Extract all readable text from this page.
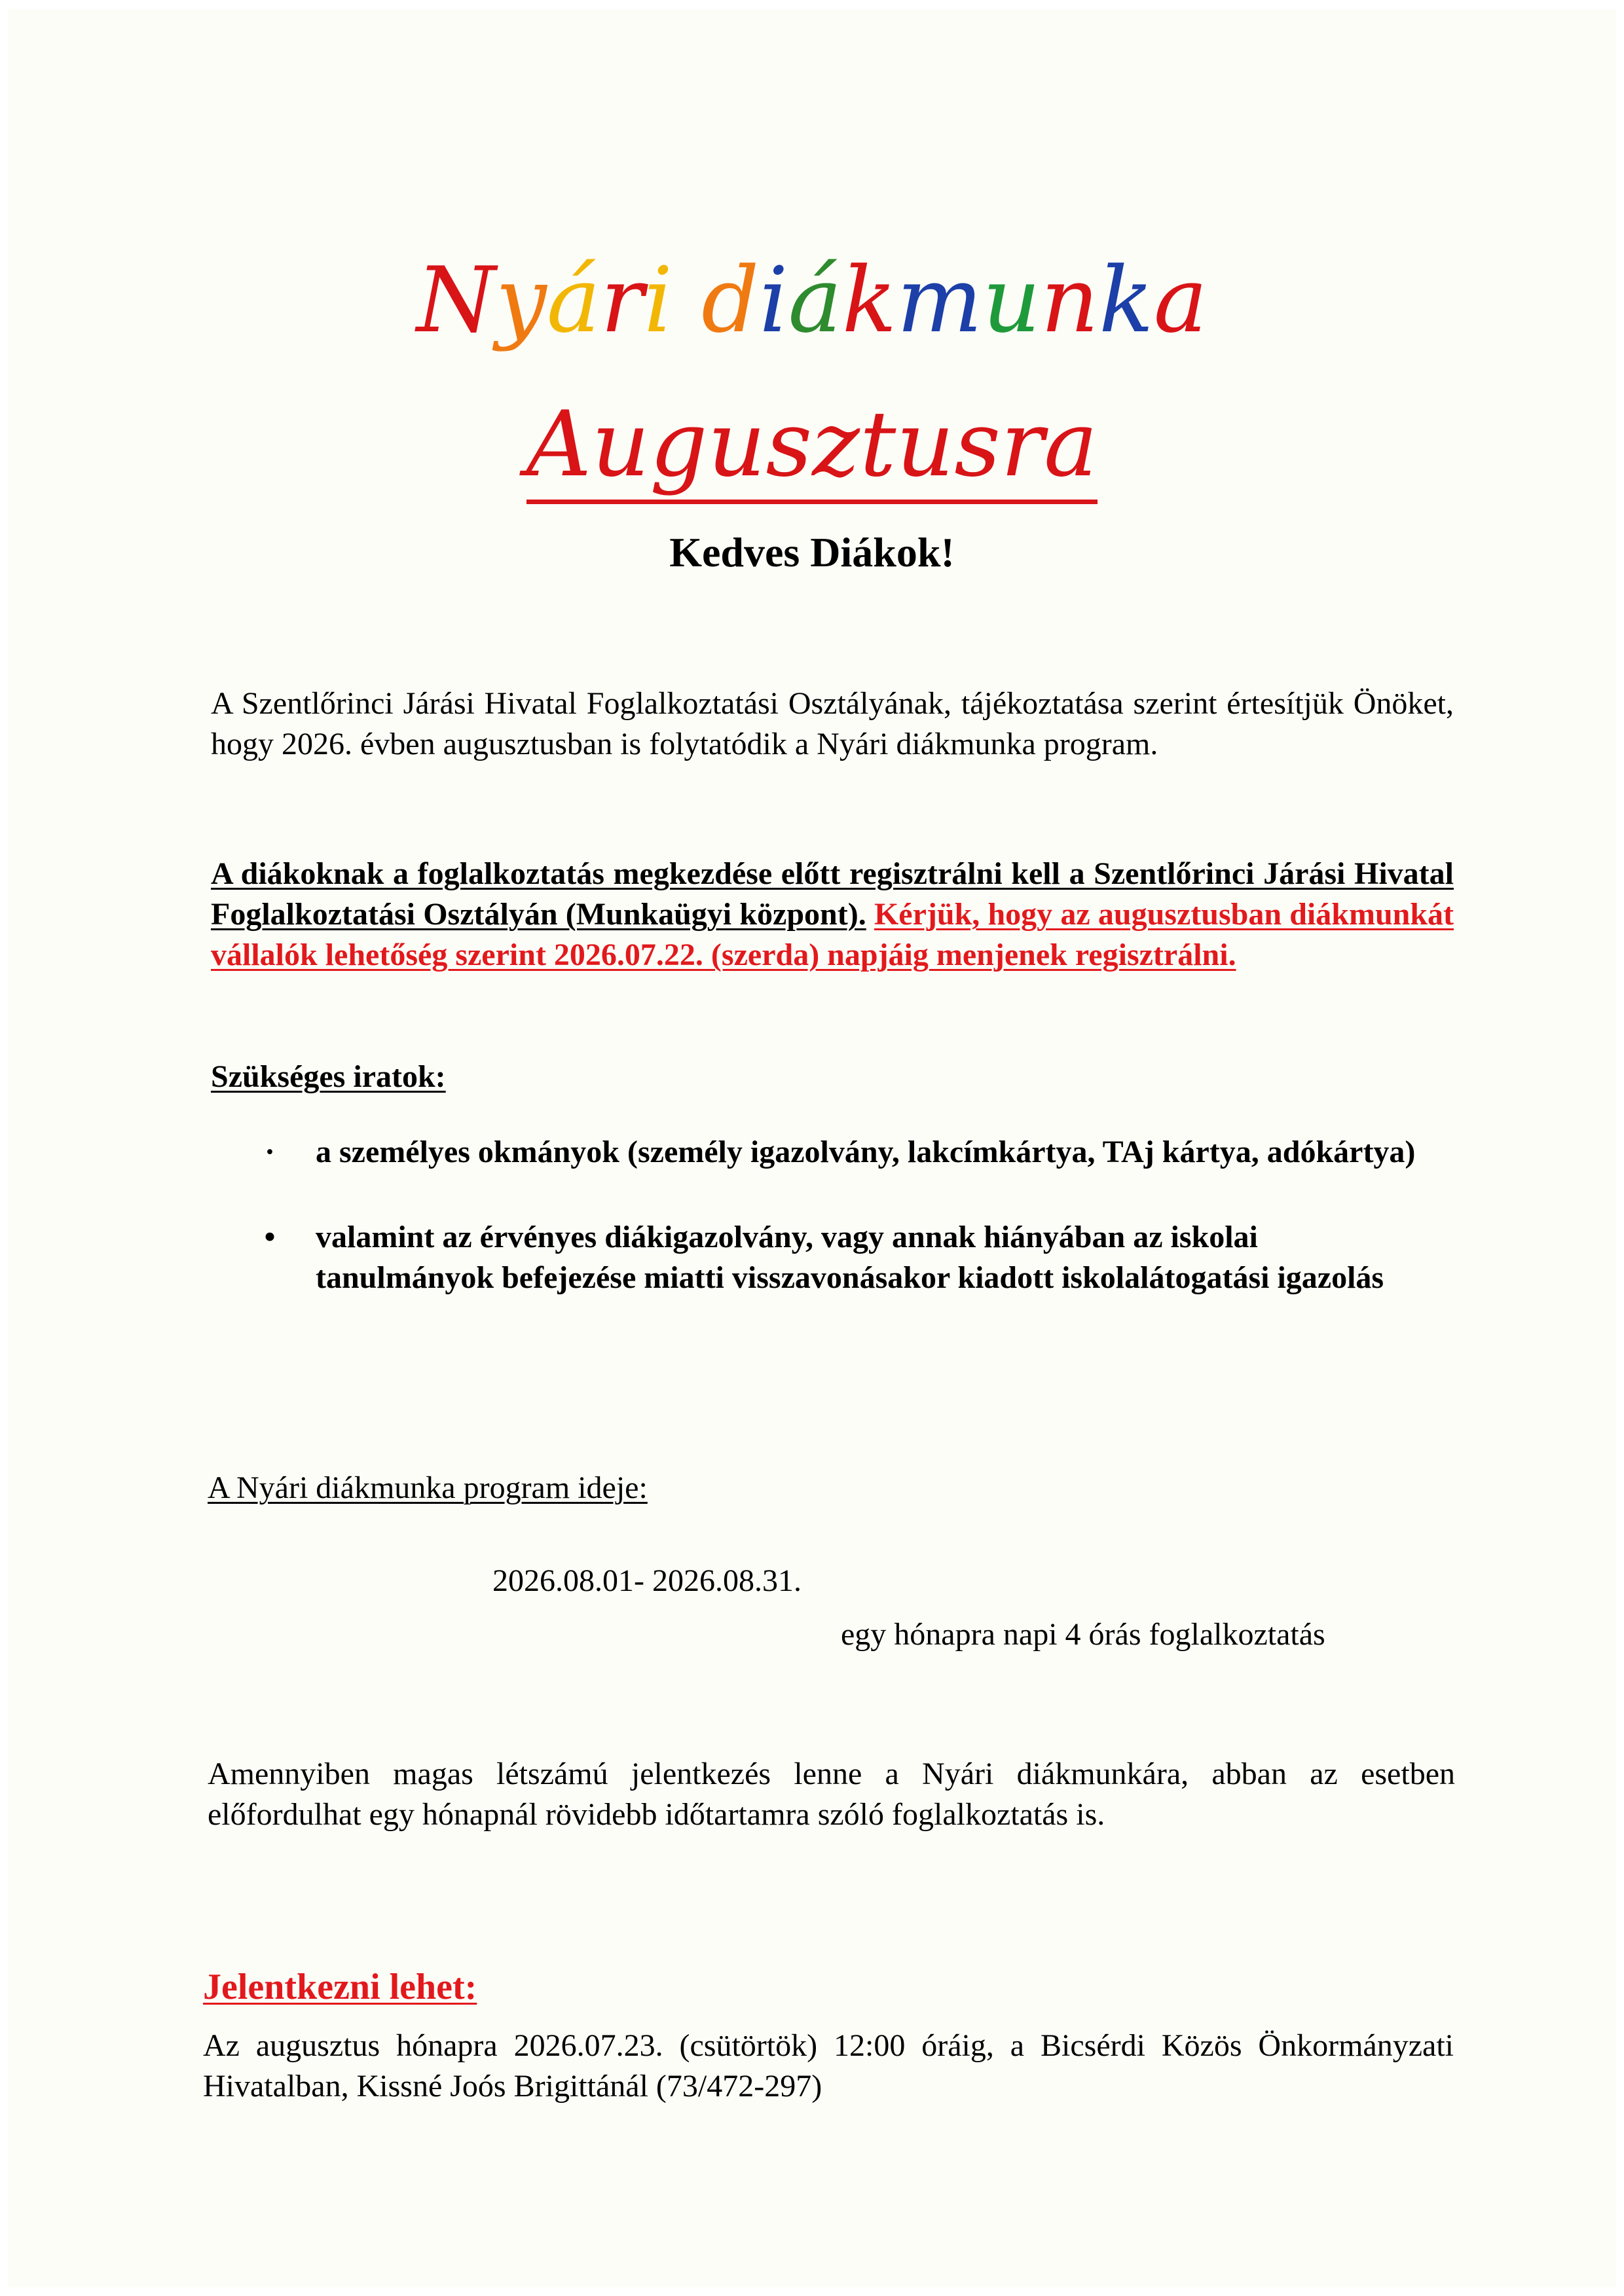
Nyári diákmunka
Augusztusra
Kedves Diákok!
A Szentlőrinci Járási Hivatal Foglalkoztatási Osztályának, tájékoztatása szerint értesítjük Önöket, hogy 2026. évben augusztusban is folytatódik a Nyári diákmunka program.
A diákoknak a foglalkoztatás megkezdése előtt regisztrálni kell a Szentlőrinci Járási Hivatal Foglalkoztatási Osztályán (Munkaügyi központ). Kérjük, hogy az augusztusban diákmunkát vállalók lehetőség szerint 2026.07.22. (szerda) napjáig menjenek regisztrálni.
Szükséges iratok:
· a személyes okmányok (személy igazolvány, lakcímkártya, TAj kártya, adókártya)
• valamint az érvényes diákigazolvány, vagy annak hiányában az iskolai tanulmányok befejezése miatti visszavonásakor kiadott iskolalátogatási igazolás
A Nyári diákmunka program ideje:
2026.08.01- 2026.08.31.
egy hónapra napi 4 órás foglalkoztatás
Amennyiben magas létszámú jelentkezés lenne a Nyári diákmunkára, abban az esetben előfordulhat egy hónapnál rövidebb időtartamra szóló foglalkoztatás is.
Jelentkezni lehet:
Az augusztus hónapra 2026.07.23. (csütörtök) 12:00 óráig, a Bicsérdi Közös Önkormányzati Hivatalban, Kissné Joós Brigittánál (73/472-297)
